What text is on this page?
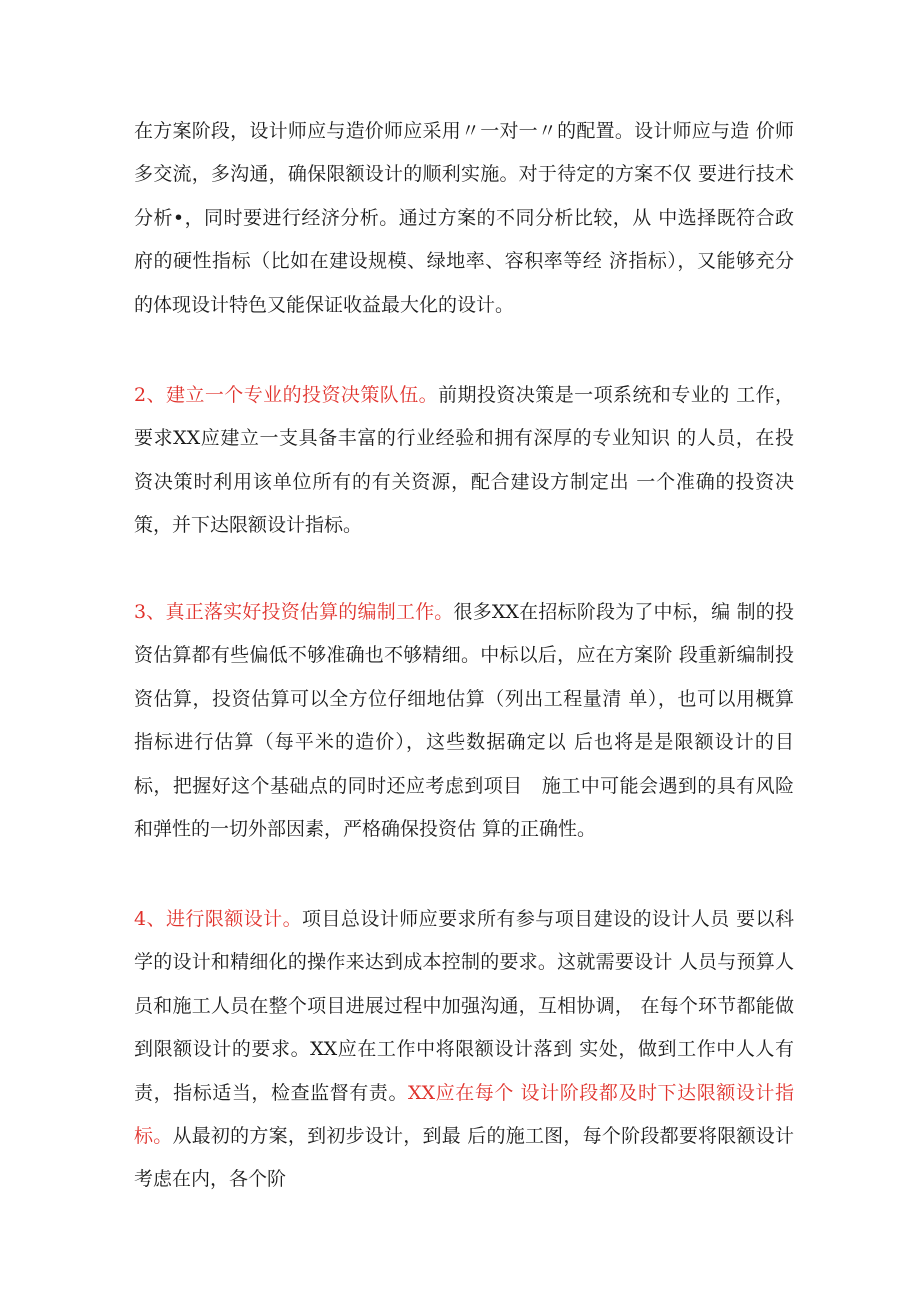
在方案阶段，设计师应与造价师应采用〃一对一〃的配置。设计师应与造 价师多交流，多沟通，确保限额设计的顺利实施。对于待定的方案不仅 要进行技术分析•，同时要进行经济分析。通过方案的不同分析比较，从 中选择既符合政府的硬性指标（比如在建设规模、绿地率、容积率等经 济指标），又能够充分的体现设计特色又能保证收益最大化的设计。

2、建立一个专业的投资决策队伍。前期投资决策是一项系统和专业的 工作，要求XX应建立一支具备丰富的行业经验和拥有深厚的专业知识 的人员，在投资决策时利用该单位所有的有关资源，配合建设方制定出 一个准确的投资决策，并下达限额设计指标。

3、真正落实好投资估算的编制工作。很多XX在招标阶段为了中标，编 制的投资估算都有些偏低不够准确也不够精细。中标以后，应在方案阶 段重新编制投资估算，投资估算可以全方位仔细地估算（列出工程量清 单），也可以用概算指标进行估算（每平米的造价），这些数据确定以 后也将是是限额设计的目标，把握好这个基础点的同时还应考虑到项目　施工中可能会遇到的具有风险和弹性的一切外部因素，严格确保投资估 算的正确性。

4、进行限额设计。项目总设计师应要求所有参与项目建设的设计人员 要以科学的设计和精细化的操作来达到成本控制的要求。这就需要设计 人员与预算人员和施工人员在整个项目进展过程中加强沟通，互相协调， 在每个环节都能做到限额设计的要求。XX应在工作中将限额设计落到 实处，做到工作中人人有责，指标适当，检查监督有责。XX应在每个 设计阶段都及时下达限额设计指标。从最初的方案，到初步设计，到最 后的施工图，每个阶段都要将限额设计考虑在内，各个阶
